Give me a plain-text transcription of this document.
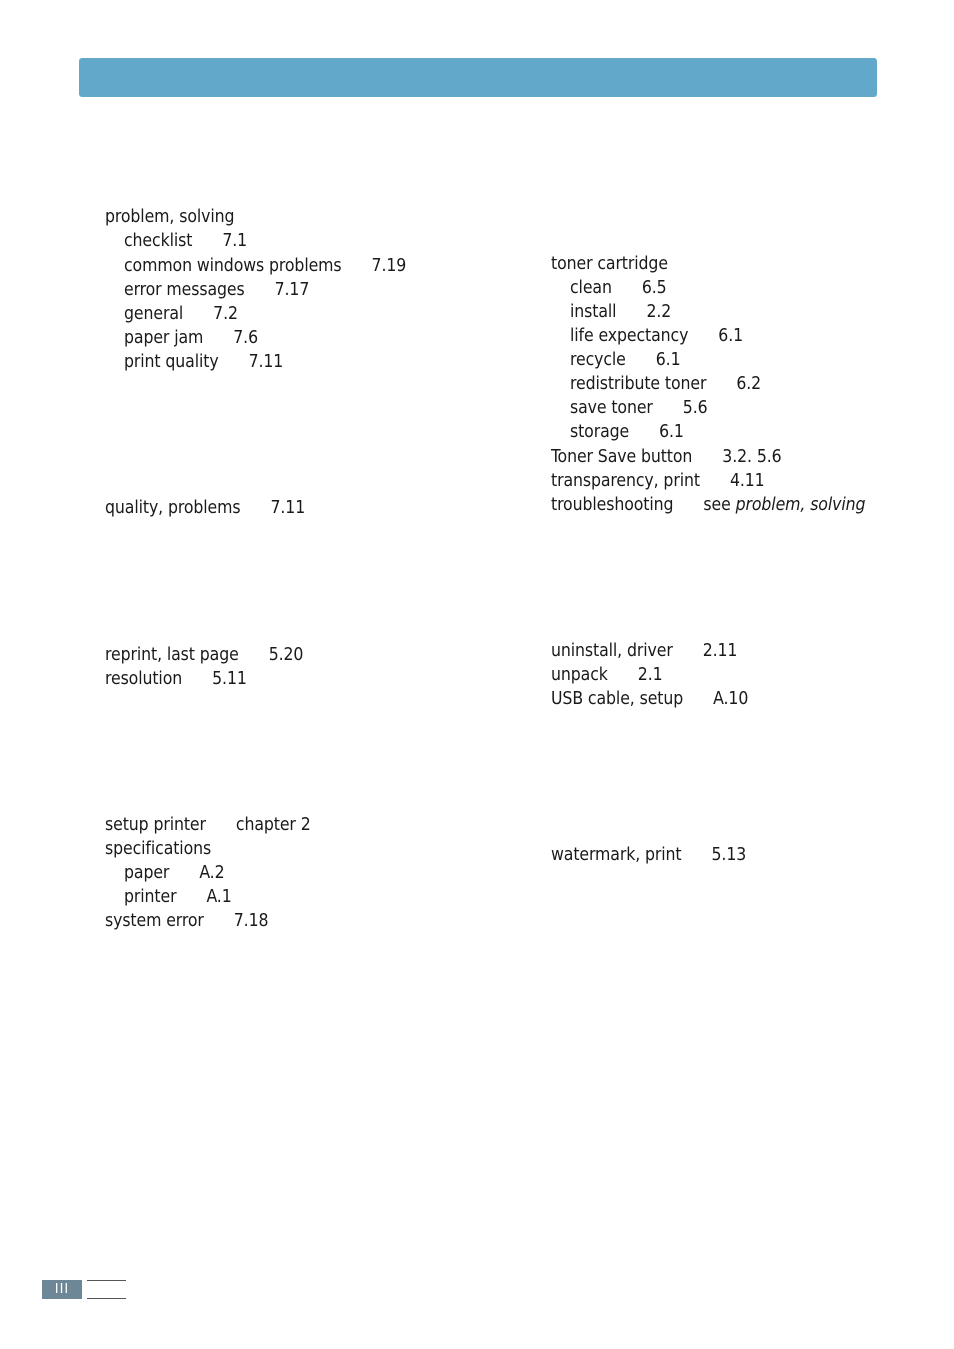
problem, solving
checklist 7.1
common windows problems 7.19
error messages 7.17
general 7.2
paper jam 7.6
print quality 7.11
quality, problems 7.11
reprint, last page 5.20
resolution 5.11
setup printer chapter 2
specifications
paper A.2
printer A.1
system error 7.18
toner cartridge
clean 6.5
install 2.2
life expectancy 6.1
recycle 6.1
redistribute toner 6.2
save toner 5.6
storage 6.1
Toner Save button 3.2. 5.6
transparency, print 4.11
troubleshooting see problem, solving
uninstall, driver 2.11
unpack 2.1
USB cable, setup A.10
watermark, print 5.13
III
